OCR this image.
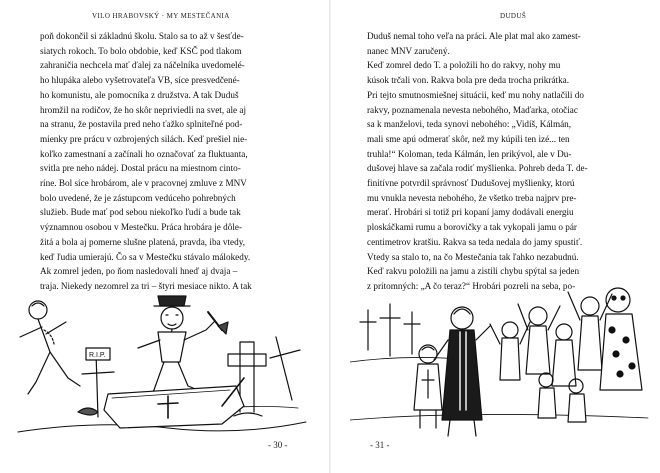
VILO HRABOVSKÝ · MY MESTEČANIA
poň dokončil si základnú školu. Stalo sa to až v šesťde-
siatych rokoch. To bolo obdobie, keď KSČ pod tlakom
zahraničia nechcela mať ďalej za náčelníka uvedomelé-
ho hlupáka alebo vyšetrovateľa VB, síce presvedčené-
ho komunistu, ale pomocníka z družstva. A tak Duduš
hromžil na rodičov, že ho skôr nepriviedli na svet, ale aj
na stranu, že postavila pred neho ťažko splniteľné pod-
mienky pre prácu v ozbrojených silách. Keď prešiel nie-
koľko zamestnaní a začínali ho označovať za fluktuanta,
svitla pre neho nádej. Dostal prácu na miestnom cinto-
ríne. Bol síce hrobárom, ale v pracovnej zmluve z MNV
bolo uvedené, že je zástupcom vedúceho pohrebných
služieb. Bude mať pod sebou niekoľko ľudí a bude tak
významnou osobou v Mestečku. Práca hrobára je dôle-
žitá a bola aj pomerne slušne platená, pravda, iba vtedy,
keď ľudia umierajú. Čo sa v Mestečku stávalo málokedy.
Ak zomrel jeden, po ňom nasledovali hneď aj dvaja –
traja. Niekedy nezomrel za tri – štyri mesiace nikto. A tak
R.I.P.
- 30 -
DUDUŠ
Duduš nemal toho veľa na práci. Ale plat mal ako zamest-
nanec MNV zaručený.
Keď zomrel dedo T. a položili ho do rakvy, nohy mu
kúsok trčali von. Rakva bola pre deda trocha prikrátka.
Pri tejto smutnosmiešnej situácii, keď mu nohy natlačili do
rakvy, poznamenala nevesta nebohého, Maďarka, otočiac
sa k manželovi, teda synovi nebohého: „Vidíš, Kálmán,
mali sme apú odmerať skôr, než my kúpili ten izé... ten
truhla!“ Koloman, teda Kálmán, len prikývol, ale v Du-
dušovej hlave sa začala rodiť myšlienka. Pohreb deda T. de-
finitívne potvrdil správnosť Dudušovej myšlienky, ktorú
mu vnukla nevesta nebohého, že všetko treba najprv pre-
merať. Hrobári si totiž pri kopaní jamy dodávali energiu
ploskáčkami rumu a borovičky a tak vykopali jamu o pár
centimetrov kratšiu. Rakva sa teda nedala do jamy spustiť.
Vtedy sa stalo to, na čo Mestečania tak ľahko nezabudnú.
Keď rakvu položili na jamu a zistili chybu spýtal sa jeden
z prítomných: „A čo teraz?“ Hrobári pozreli na seba, po-
- 31 -
